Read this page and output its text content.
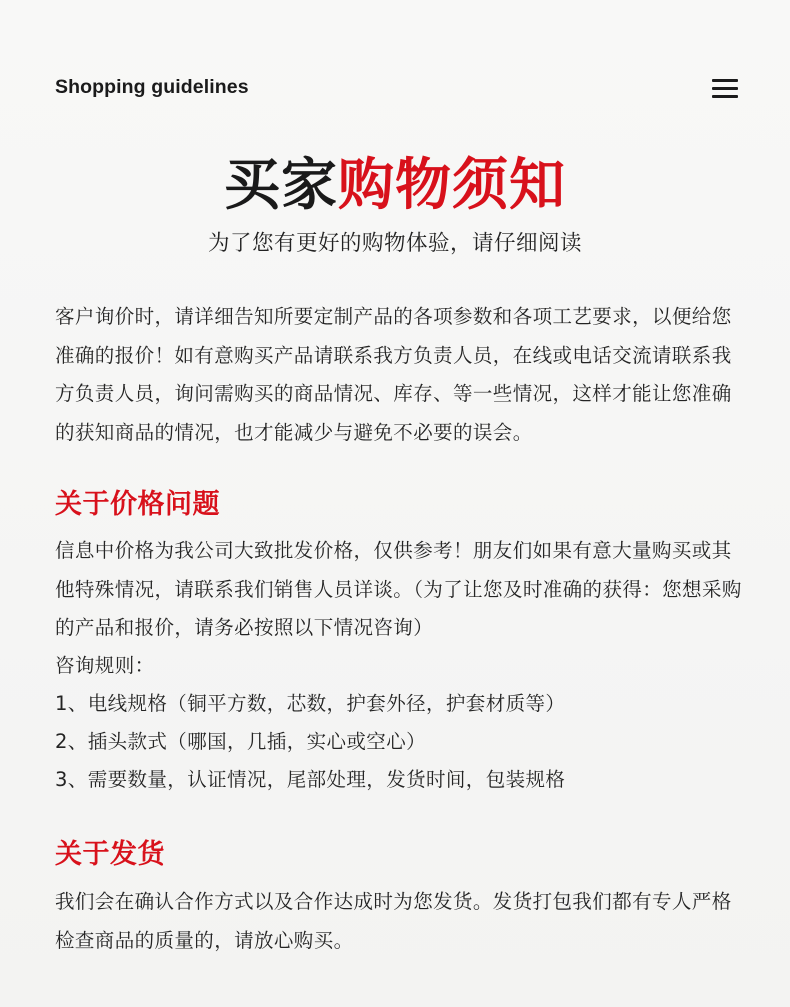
Shopping guidelines
买家购物须知
为了您有更好的购物体验，请仔细阅读

客户询价时，请详细告知所要定制产品的各项参数和各项工艺要求，以便给您准确的报价！如有意购买产品请联系我方负责人员，在线或电话交流请联系我方负责人员，询问需购买的商品情况、库存、等一些情况，这样才能让您准确的获知商品的情况，也才能减少与避免不必要的误会。

关于价格问题

信息中价格为我公司大致批发价格，仅供参考！朋友们如果有意大量购买或其他特殊情况，请联系我们销售人员详谈。（为了让您及时准确的获得：您想采购的产品和报价，请务必按照以下情况咨询）

咨询规则：
1、电线规格（铜平方数，芯数，护套外径，护套材质等）
2、插头款式（哪国，几插，实心或空心）
3、需要数量，认证情况，尾部处理，发货时间，包装规格
关于发货

我们会在确认合作方式以及合作达成时为您发货。发货打包我们都有专人严格检查商品的质量的，请放心购买。
